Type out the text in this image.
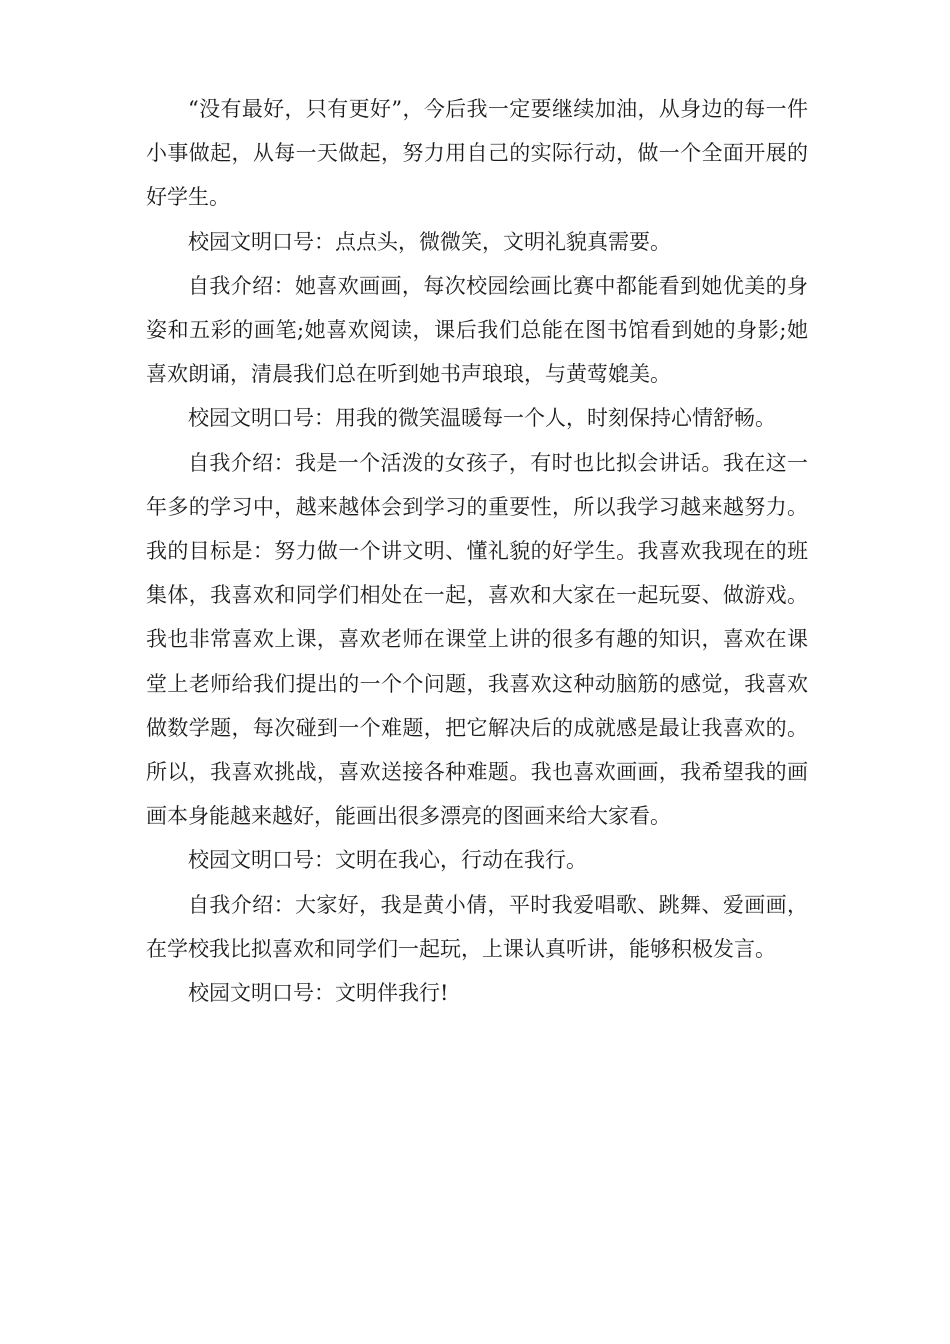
“没有最好，只有更好”，今后我一定要继续加油，从身边的每一件小事做起，从每一天做起，努力用自己的实际行动，做一个全面开展的好学生。

校园文明口号：点点头，微微笑，文明礼貌真需要。

自我介绍：她喜欢画画，每次校园绘画比赛中都能看到她优美的身姿和五彩的画笔;她喜欢阅读，课后我们总能在图书馆看到她的身影;她喜欢朗诵，清晨我们总在听到她书声琅琅，与黄莺媲美。

校园文明口号：用我的微笑温暖每一个人，时刻保持心情舒畅。

自我介绍：我是一个活泼的女孩子，有时也比拟会讲话。我在这一年多的学习中，越来越体会到学习的重要性，所以我学习越来越努力。我的目标是：努力做一个讲文明、懂礼貌的好学生。我喜欢我现在的班集体，我喜欢和同学们相处在一起，喜欢和大家在一起玩耍、做游戏。我也非常喜欢上课，喜欢老师在课堂上讲的很多有趣的知识，喜欢在课堂上老师给我们提出的一个个问题，我喜欢这种动脑筋的感觉，我喜欢做数学题，每次碰到一个难题，把它解决后的成就感是最让我喜欢的。所以，我喜欢挑战，喜欢送接各种难题。我也喜欢画画，我希望我的画画本身能越来越好，能画出很多漂亮的图画来给大家看。

校园文明口号：文明在我心，行动在我行。

自我介绍：大家好，我是黄小倩，平时我爱唱歌、跳舞、爱画画，在学校我比拟喜欢和同学们一起玩，上课认真听讲，能够积极发言。

校园文明口号：文明伴我行!
